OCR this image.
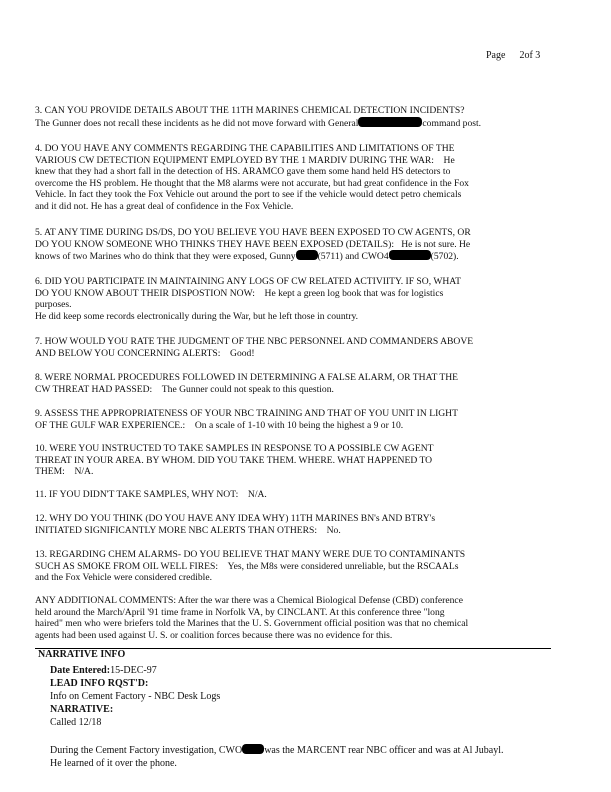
Page 2of 3
3. CAN YOU PROVIDE DETAILS ABOUT THE 11TH MARINES CHEMICAL DETECTION INCIDENTS?
The Gunner does not recall these incidents as he did not move forward with General	command post.
4. DO YOU HAVE ANY COMMENTS REGARDING THE CAPABILITIES AND LIMITATIONS OF THE
VARIOUS CW DETECTION EQUIPMENT EMPLOYED BY THE 1 MARDIV DURING THE WAR: He
knew that they had a short fall in the detection of HS. ARAMCO gave them some hand held HS detectors to
overcome the HS problem. He thought that the M8 alarms were not accurate, but had great confidence in the Fox
Vehicle. In fact they took the Fox Vehicle out around the port to see if the vehicle would detect petro chemicals
and it did not. He has a great deal of confidence in the Fox Vehicle.
5. AT ANY TIME DURING DS/DS, DO YOU BELIEVE YOU HAVE BEEN EXPOSED TO CW AGENTS, OR
DO YOU KNOW SOMEONE WHO THINKS THEY HAVE BEEN EXPOSED (DETAILS): He is not sure. He
knows of two Marines who do think that they were exposed, Gunny (5711) and CWO4	(5702).
6. DID YOU PARTICIPATE IN MAINTAINING ANY LOGS OF CW RELATED ACTIVIITY. IF SO, WHAT
DO YOU KNOW ABOUT THEIR DISPOSTION NOW: He kept a green log book that was for logistics
purposes.
He did keep some records electronically during the War, but he left those in country.
7. HOW WOULD YOU RATE THE JUDGMENT OF THE NBC PERSONNEL AND COMMANDERS ABOVE
AND BELOW YOU CONCERNING ALERTS: Good!
8. WERE NORMAL PROCEDURES FOLLOWED IN DETERMINING A FALSE ALARM, OR THAT THE
CW THREAT HAD PASSED: The Gunner could not speak to this question.
9. ASSESS THE APPROPRIATENESS OF YOUR NBC TRAINING AND THAT OF YOU UNIT IN LIGHT
OF THE GULF WAR EXPERIENCE.: On a scale of 1-10 with 10 being the highest a 9 or 10.
10. WERE YOU INSTRUCTED TO TAKE SAMPLES IN RESPONSE TO A POSSIBLE CW AGENT
THREAT IN YOUR AREA. BY WHOM. DID YOU TAKE THEM. WHERE. WHAT HAPPENED TO
THEM: N/A.
11. IF YOU DIDN'T TAKE SAMPLES, WHY NOT: N/A.
12. WHY DO YOU THINK (DO YOU HAVE ANY IDEA WHY) 11TH MARINES BN's AND BTRY's
INITIATED SIGNIFICANTLY MORE NBC ALERTS THAN OTHERS: No.
13. REGARDING CHEM ALARMS- DO YOU BELIEVE THAT MANY WERE DUE TO CONTAMINANTS
SUCH AS SMOKE FROM OIL WELL FIRES: Yes, the M8s were considered unreliable, but the RSCAALs
and the Fox Vehicle were considered credible.
ANY ADDITIONAL COMMENTS: After the war there was a Chemical Biological Defense (CBD) conference
held around the March/April '91 time frame in Norfolk VA, by CINCLANT. At this conference three "long
haired" men who were briefers told the Marines that the U. S. Government official position was that no chemical
agents had been used against U. S. or coalition forces because there was no evidence for this.
NARRATIVE INFO
Date Entered:15-DEC-97
LEAD INFO RQST'D:
Info on Cement Factory - NBC Desk Logs
NARRATIVE:
Called 12/18
During the Cement Factory investigation, CWO was the MARCENT rear NBC officer and was at Al Jubayl.
He learned of it over the phone.
